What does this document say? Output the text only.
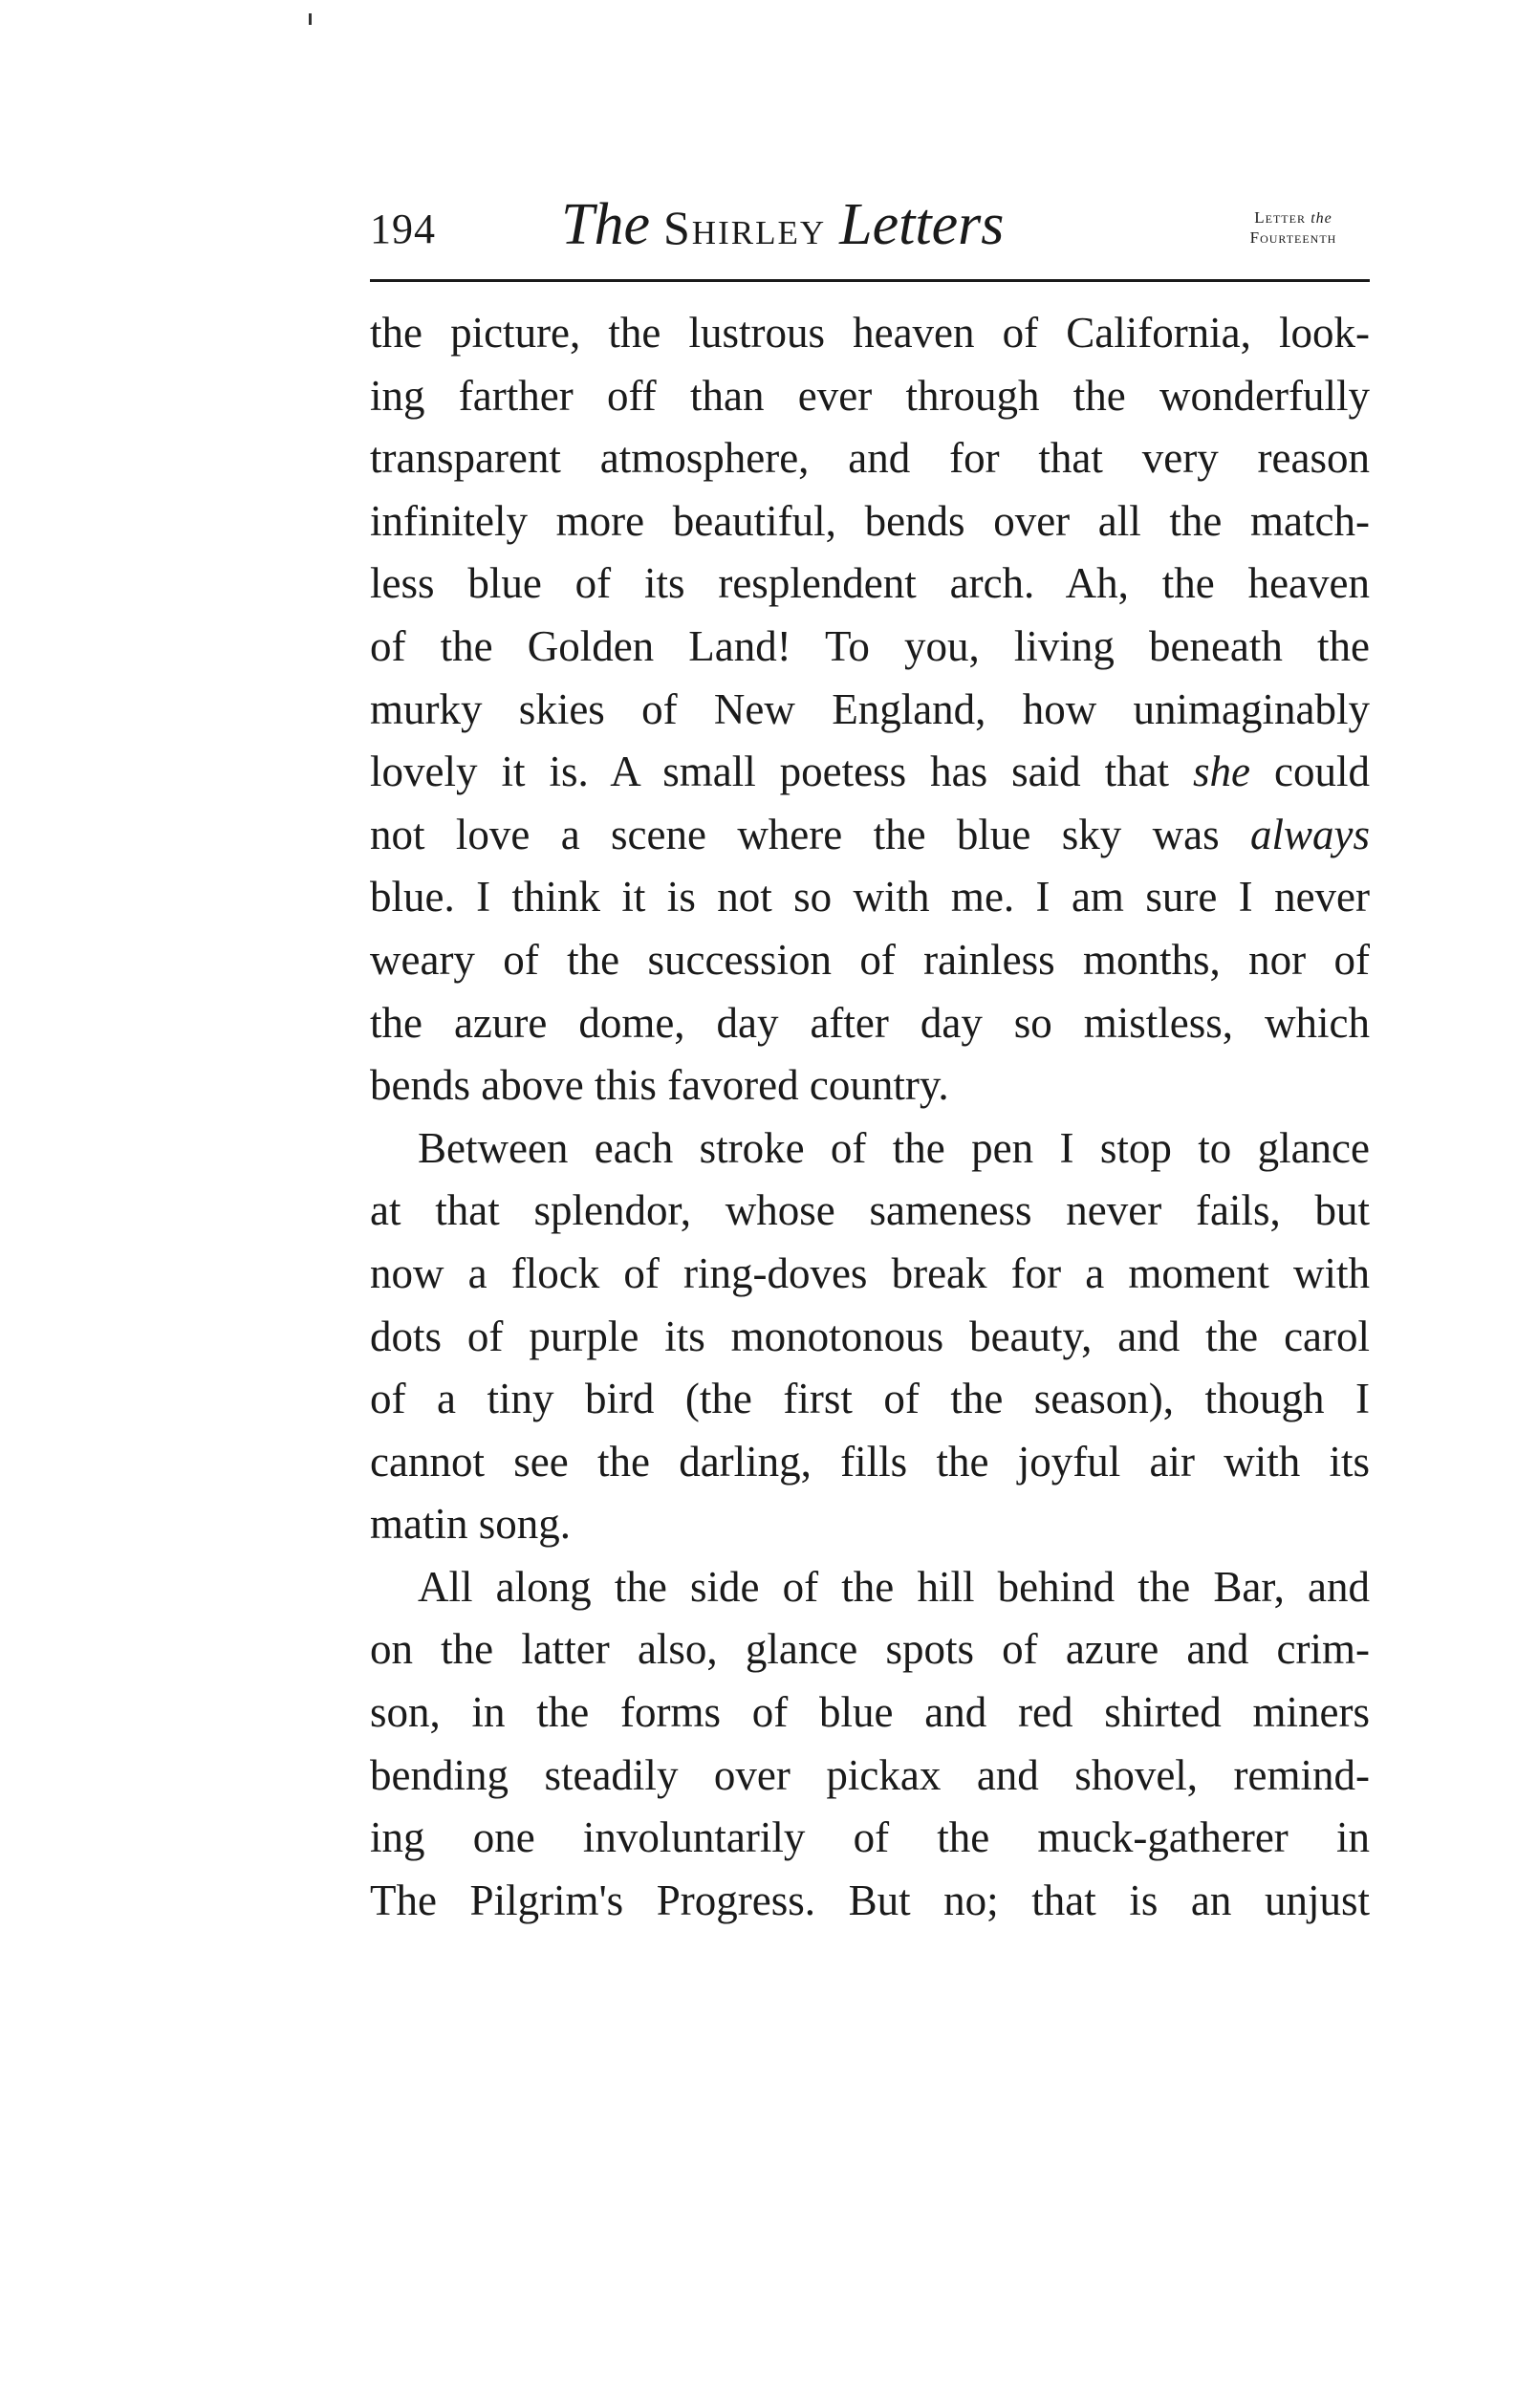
194 The Shirley Letters	Letter the
Fourteenth
the picture, the lustrous heaven of California, look-
ing farther off than ever through the wonderfully
transparent atmosphere, and for that very reason
infinitely more beautiful, bends over all the match-
less blue of its resplendent arch. Ah, the heaven
of the Golden Land! To you, living beneath the
murky skies of New England, how unimaginably
lovely it is. A small poetess has said that she could
not love a scene where the blue sky was always
blue. I think it is not so with me. I am sure I never
weary of the succession of rainless months, nor of
the azure dome, day after day so mistless, which
bends above this favored country.
Between each stroke of the pen I stop to glance
at that splendor, whose sameness never fails, but
now a flock of ring-doves break for a moment with
dots of purple its monotonous beauty, and the carol
of a tiny bird (the first of the season), though I
cannot see the darling, fills the joyful air with its
matin song.
All along the side of the hill behind the Bar, and
on the latter also, glance spots of azure and crim-
son, in the forms of blue and red shirted miners
bending steadily over pickax and shovel, remind-
ing one involuntarily of the muck-gatherer in
The Pilgrim's Progress. But no; that is an unjust
